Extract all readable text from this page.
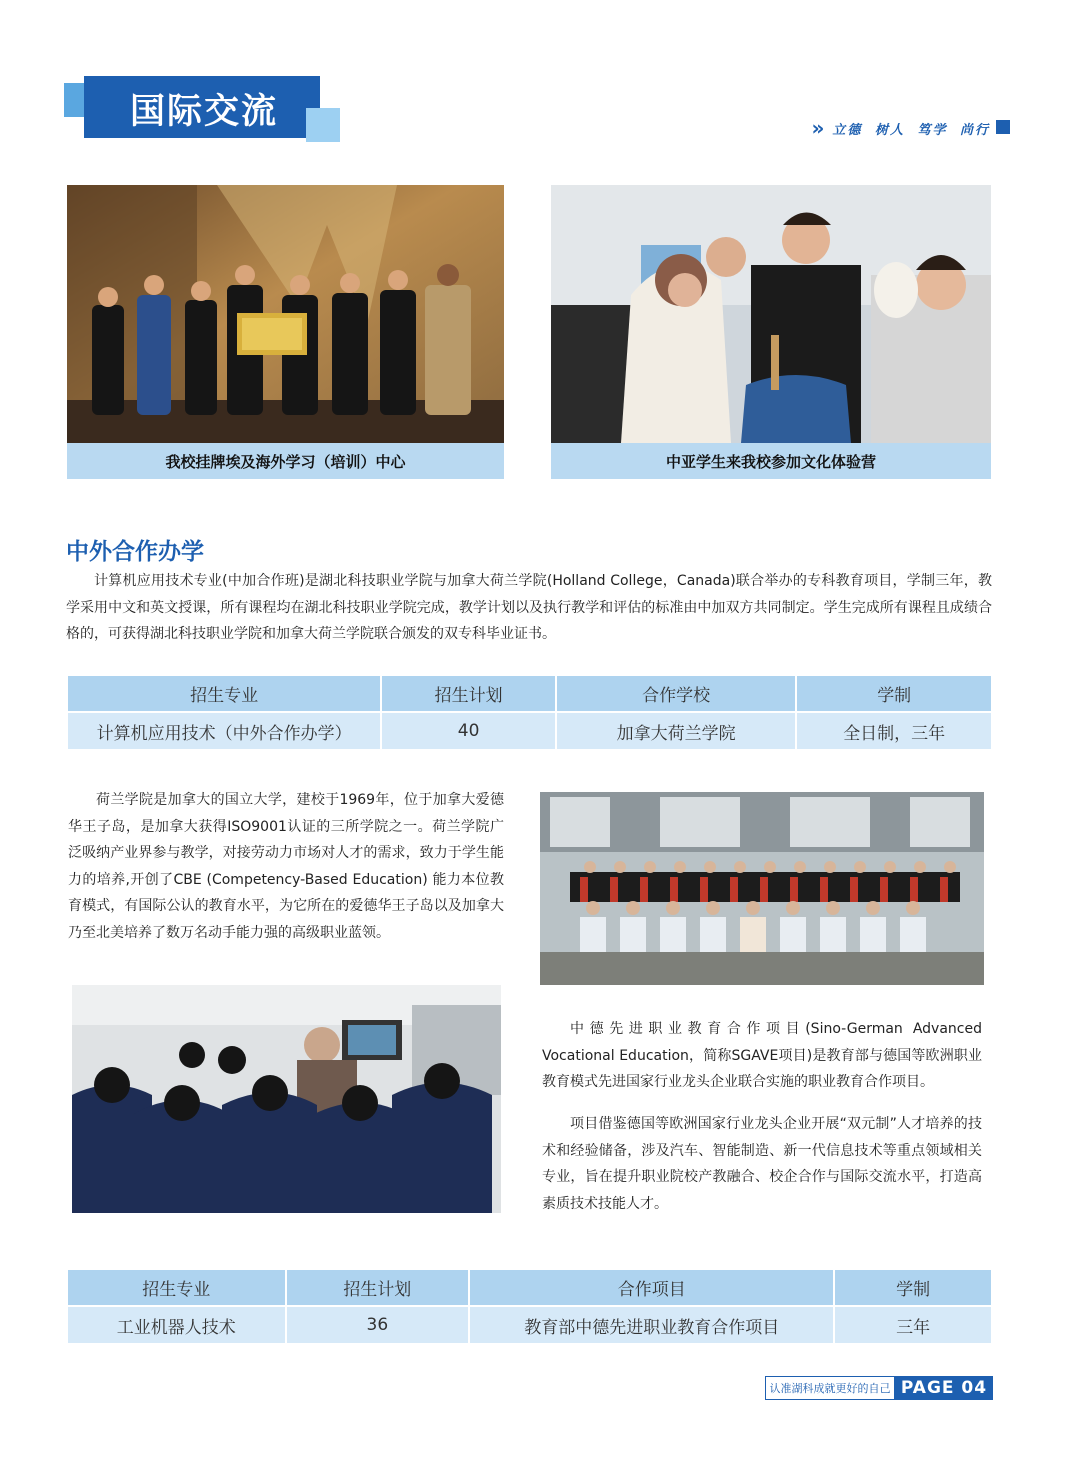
国际交流	» 立德 树人 笃学 尚行
我校挂牌埃及海外学习（培训）中心	中亚学生来我校参加文化体验营
中外合作办学

计算机应用技术专业(中加合作班)是湖北科技职业学院与加拿大荷兰学院(Holland College，Canada)联合举办的专科教育项目，学制三年，教学采用中文和英文授课，所有课程均在湖北科技职业学院完成，教学计划以及执行教学和评估的标准由中加双方共同制定。学生完成所有课程且成绩合格的，可获得湖北科技职业学院和加拿大荷兰学院联合颁发的双专科毕业证书。

招生专业	招生计划	合作学校	学制
计算机应用技术（中外合作办学）	40	加拿大荷兰学院	全日制，三年

荷兰学院是加拿大的国立大学，建校于1969年，位于加拿大爱德华王子岛，是加拿大获得ISO9001认证的三所学院之一。荷兰学院广泛吸纳产业界参与教学，对接劳动力市场对人才的需求，致力于学生能力的培养,开创了CBE (Competency-Based Education) 能力本位教育模式，有国际公认的教育水平，为它所在的爱德华王子岛以及加拿大乃至北美培养了数万名动手能力强的高级职业蓝领。

中德先进职业教育合作项目(Sino-German Advanced Vocational Education，简称SGAVE项目)是教育部与德国等欧洲职业教育模式先进国家行业龙头企业联合实施的职业教育合作项目。

项目借鉴德国等欧洲国家行业龙头企业开展“双元制”人才培养的技术和经验储备，涉及汽车、智能制造、新一代信息技术等重点领域相关专业，旨在提升职业院校产教融合、校企合作与国际交流水平，打造高素质技术技能人才。

招生专业	招生计划	合作项目	学制
工业机器人技术	36	教育部中德先进职业教育合作项目	三年
认准湖科成就更好的自己 PAGE 04
